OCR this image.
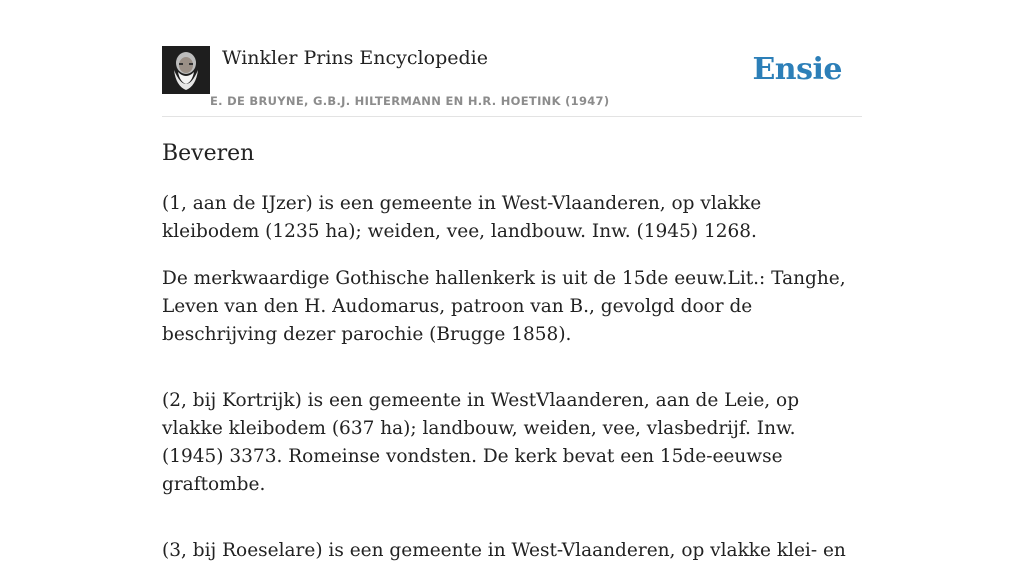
Winkler Prins Encyclopedie
E. DE BRUYNE, G.B.J. HILTERMANN EN H.R. HOETINK (1947)
Ensie
Beveren

(1, aan de IJzer) is een gemeente in West-Vlaanderen, op vlakke kleibodem (1235 ha); weiden, vee, landbouw. Inw. (1945) 1268.

De merkwaardige Gothische hallenkerk is uit de 15de eeuw.Lit.: Tanghe, Leven van den H. Audomarus, patroon van B., gevolgd door de beschrijving dezer parochie (Brugge 1858).

(2, bij Kortrijk) is een gemeente in WestVlaanderen, aan de Leie, op vlakke kleibodem (637 ha); landbouw, weiden, vee, vlasbedrijf. Inw. (1945) 3373. Romeinse vondsten. De kerk bevat een 15de-eeuwse graftombe.

(3, bij Roeselare) is een gemeente in West-Vlaanderen, op vlakke klei- en
